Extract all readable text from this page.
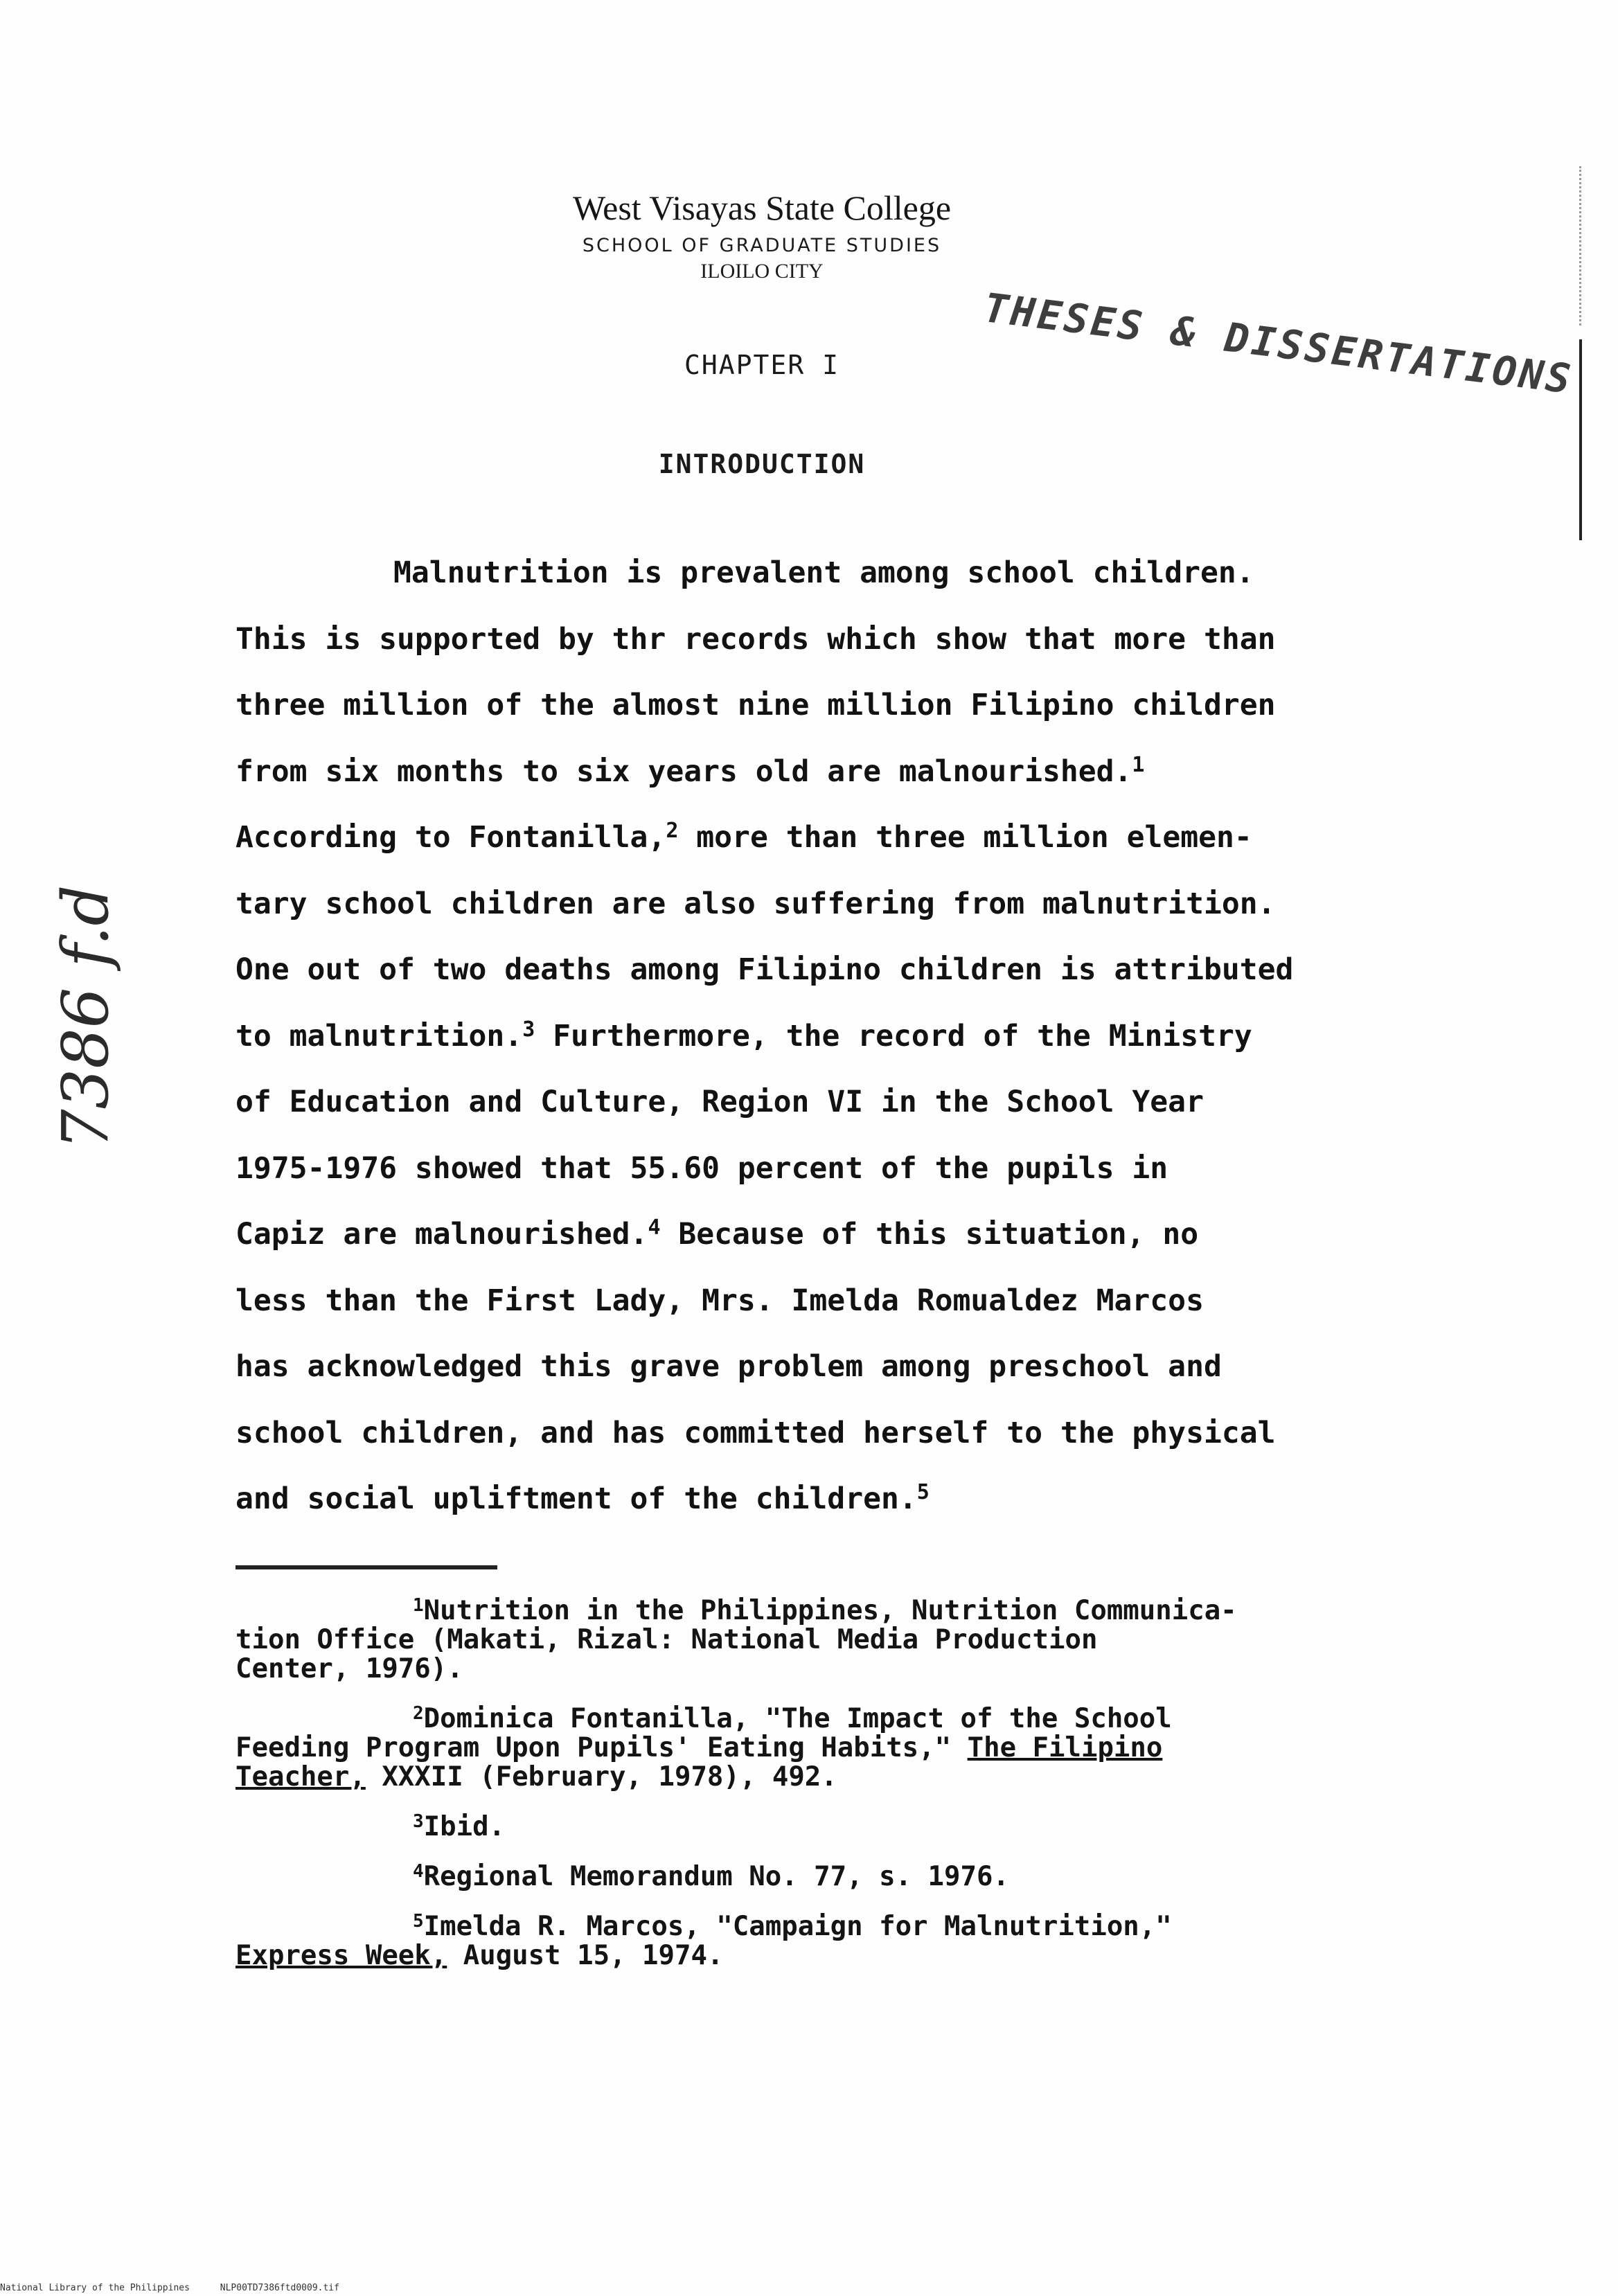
West Visayas State College
SCHOOL OF GRADUATE STUDIES
ILOILO CITY
THESES & DISSERTATIONS
7386 f.d
CHAPTER I
INTRODUCTION
Malnutrition is prevalent among school children.
This is supported by thr records which show that more than
three million of the almost nine million Filipino children
from six months to six years old are malnourished.$^1$
According to Fontanilla,$^2$ more than three million elemen-
tary school children are also suffering from malnutrition.
One out of two deaths among Filipino children is attributed
to malnutrition.$^3$ Furthermore, the record of the Ministry
of Education and Culture, Region VI in the School Year
1975-1976 showed that 55.60 percent of the pupils in
Capiz are malnourished.$^4$ Because of this situation, no
less than the First Lady, Mrs. Imelda Romualdez Marcos
has acknowledged this grave problem among preschool and
school children, and has committed herself to the physical
and social upliftment of the children.$^5$
$^1$Nutrition in the Philippines, Nutrition Communica-
tion Office (Makati, Rizal: National Media Production
Center, 1976).
$^2$Dominica Fontanilla, "The Impact of the School
Feeding Program Upon Pupils' Eating Habits," The Filipino
Teacher, XXXII (February, 1978), 492.
$^3$Ibid.
$^4$Regional Memorandum No. 77, s. 1976.
$^5$Imelda R. Marcos, "Campaign for Malnutrition,"
Express Week, August 15, 1974.
National Library of the Philippines	NLP00TD7386ftd0009.tif
